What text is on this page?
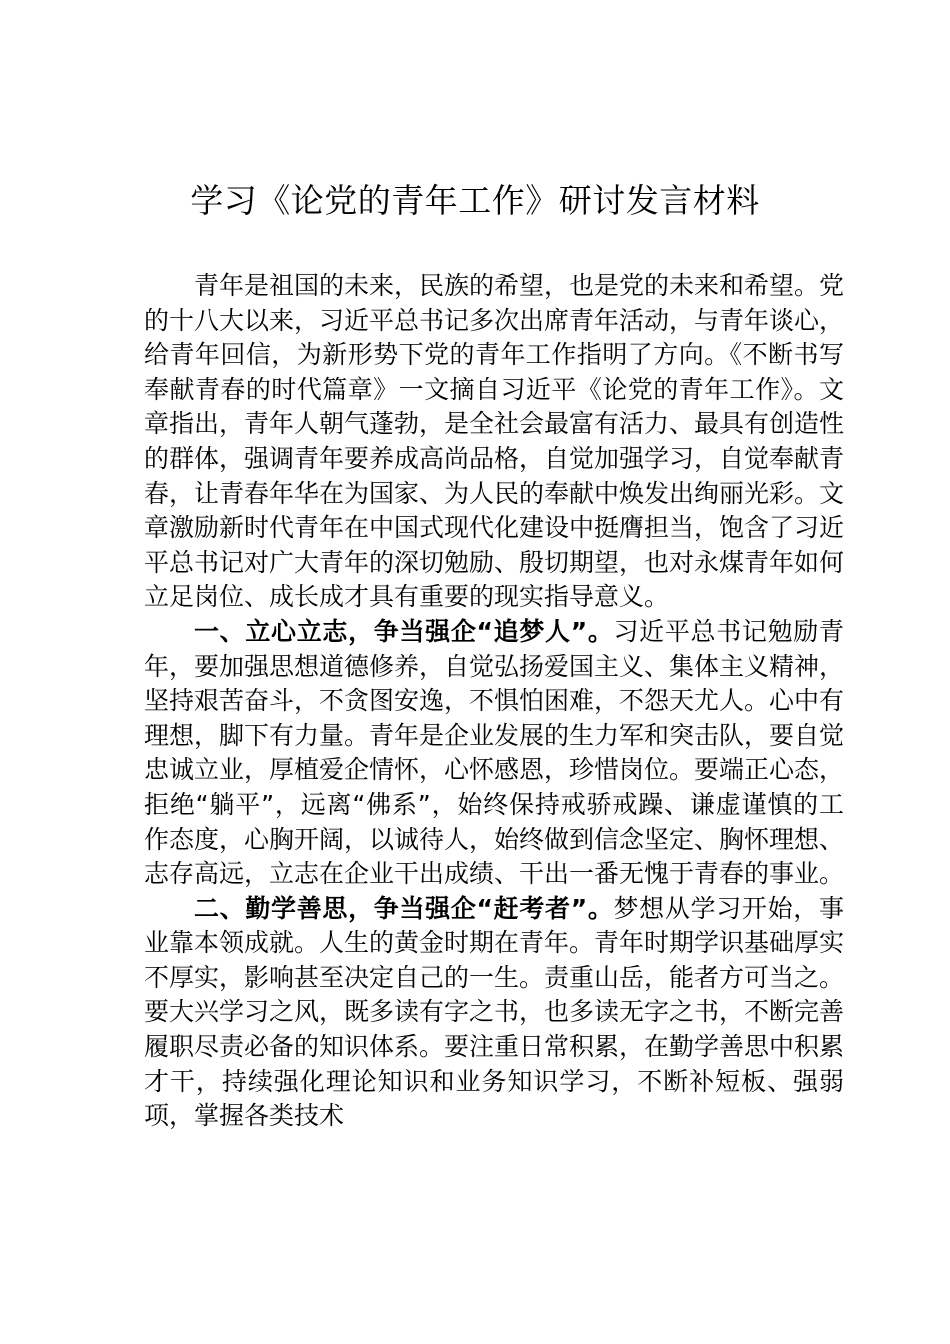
学习《论党的青年工作》研讨发言材料

青年是祖国的未来，民族的希望，也是党的未来和希望。党的十八大以来，习近平总书记多次出席青年活动，与青年谈心，给青年回信，为新形势下党的青年工作指明了方向。《不断书写奉献青春的时代篇章》一文摘自习近平《论党的青年工作》。文章指出，青年人朝气蓬勃，是全社会最富有活力、最具有创造性的群体，强调青年要养成高尚品格，自觉加强学习，自觉奉献青春，让青春年华在为国家、为人民的奉献中焕发出绚丽光彩。文章激励新时代青年在中国式现代化建设中挺膺担当，饱含了习近平总书记对广大青年的深切勉励、殷切期望，也对永煤青年如何立足岗位、成长成才具有重要的现实指导意义。

一、立心立志，争当强企“追梦人”。习近平总书记勉励青年，要加强思想道德修养，自觉弘扬爱国主义、集体主义精神，坚持艰苦奋斗，不贪图安逸，不惧怕困难，不怨天尤人。心中有理想，脚下有力量。青年是企业发展的生力军和突击队，要自觉忠诚立业，厚植爱企情怀，心怀感恩，珍惜岗位。要端正心态，拒绝“躺平”，远离“佛系”，始终保持戒骄戒躁、谦虚谨慎的工作态度，心胸开阔，以诚待人，始终做到信念坚定、胸怀理想、志存高远，立志在企业干出成绩、干出一番无愧于青春的事业。

二、勤学善思，争当强企“赶考者”。梦想从学习开始，事业靠本领成就。人生的黄金时期在青年。青年时期学识基础厚实不厚实，影响甚至决定自己的一生。责重山岳，能者方可当之。要大兴学习之风，既多读有字之书，也多读无字之书，不断完善履职尽责必备的知识体系。要注重日常积累，在勤学善思中积累才干，持续强化理论知识和业务知识学习，不断补短板、强弱项，掌握各类技术
